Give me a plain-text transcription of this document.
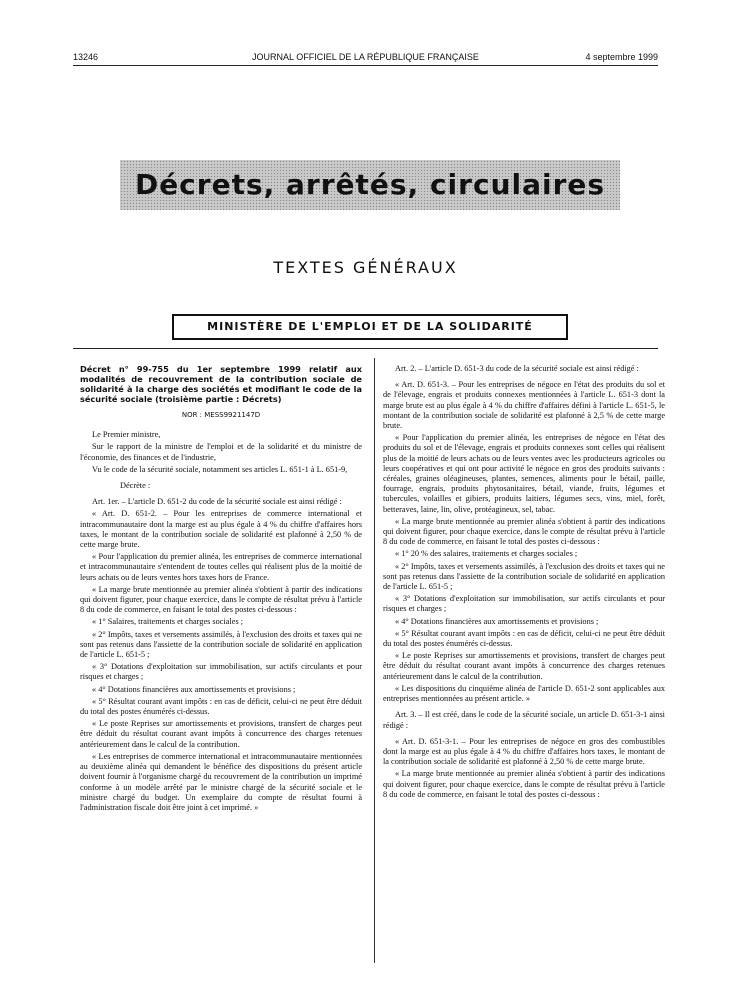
13246	JOURNAL OFFICIEL DE LA RÉPUBLIQUE FRANÇAISE	4 septembre 1999
Décrets, arrêtés, circulaires
TEXTES GÉNÉRAUX
MINISTÈRE DE L'EMPLOI ET DE LA SOLIDARITÉ

Décret n° 99-755 du 1er septembre 1999 relatif aux modalités de recouvrement de la contribution sociale de solidarité à la charge des sociétés et modifiant le code de la sécurité sociale (troisième partie : Décrets)

NOR : MESS9921147D

Le Premier ministre,

Sur le rapport de la ministre de l'emploi et de la solidarité et du ministre de l'économie, des finances et de l'industrie,

Vu le code de la sécurité sociale, notamment ses articles L. 651-1 à L. 651-9,

Décrète :

Art. 1er. – L'article D. 651-2 du code de la sécurité sociale est ainsi rédigé :

« Art. D. 651-2. – Pour les entreprises de commerce international et intracommunautaire dont la marge est au plus égale à 4 % du chiffre d'affaires hors taxes, le montant de la contribution sociale de solidarité est plafonné à 2,50 % de cette marge brute.

« Pour l'application du premier alinéa, les entreprises de commerce international et intracommunautaire s'entendent de toutes celles qui réalisent plus de la moitié de leurs achats ou de leurs ventes hors taxes hors de France.

« La marge brute mentionnée au premier alinéa s'obtient à partir des indications qui doivent figurer, pour chaque exercice, dans le compte de résultat prévu à l'article 8 du code de commerce, en faisant le total des postes ci-dessous :

« 1° Salaires, traitements et charges sociales ;

« 2° Impôts, taxes et versements assimilés, à l'exclusion des droits et taxes qui ne sont pas retenus dans l'assiette de la contribution sociale de solidarité en application de l'article L. 651-5 ;

« 3° Dotations d'exploitation sur immobilisation, sur actifs circulants et pour risques et charges ;

« 4° Dotations financières aux amortissements et provisions ;

« 5° Résultat courant avant impôts : en cas de déficit, celui-ci ne peut être déduit du total des postes énumérés ci-dessus.

« Le poste Reprises sur amortissements et provisions, transfert de charges peut être déduit du résultat courant avant impôts à concurrence des charges retenues antérieurement dans le calcul de la contribution.

« Les entreprises de commerce international et intracommunautaire mentionnées au deuxième alinéa qui demandent le bénéfice des dispositions du présent article doivent fournir à l'organisme chargé du recouvrement de la contribution un imprimé conforme à un modèle arrêté par le ministre chargé de la sécurité sociale et le ministre chargé du budget. Un exemplaire du compte de résultat fourni à l'administration fiscale doit être joint à cet imprimé. »

Art. 2. – L'article D. 651-3 du code de la sécurité sociale est ainsi rédigé :

« Art. D. 651-3. – Pour les entreprises de négoce en l'état des produits du sol et de l'élevage, engrais et produits connexes mentionnées à l'article L. 651-3 dont la marge brute est au plus égale à 4 % du chiffre d'affaires défini à l'article L. 651-5, le montant de la contribution sociale de solidarité est plafonné à 2,5 % de cette marge brute.

« Pour l'application du premier alinéa, les entreprises de négoce en l'état des produits du sol et de l'élevage, engrais et produits connexes sont celles qui réalisent plus de la moitié de leurs achats ou de leurs ventes avec les producteurs agricoles ou leurs coopératives et qui ont pour activité le négoce en gros des produits suivants : céréales, graines oléagineuses, plantes, semences, aliments pour le bétail, paille, fourrage, engrais, produits phytosanitaires, bétail, viande, fruits, légumes et tubercules, volailles et gibiers, produits laitiers, légumes secs, vins, miel, forêt, betteraves, laine, lin, olive, protéagineux, sel, tabac.

« La marge brute mentionnée au premier alinéa s'obtient à partir des indications qui doivent figurer, pour chaque exercice, dans le compte de résultat prévu à l'article 8 du code de commerce, en faisant le total des postes ci-dessous :

« 1° 20 % des salaires, traitements et charges sociales ;

« 2° Impôts, taxes et versements assimilés, à l'exclusion des droits et taxes qui ne sont pas retenus dans l'assiette de la contribution sociale de solidarité en application de l'article L. 651-5 ;

« 3° Dotations d'exploitation sur immobilisation, sur actifs circulants et pour risques et charges ;

« 4° Dotations financières aux amortissements et provisions ;

« 5° Résultat courant avant impôts : en cas de déficit, celui-ci ne peut être déduit du total des postes énumérés ci-dessus.

« Le poste Reprises sur amortissements et provisions, transfert de charges peut être déduit du résultat courant avant impôts à concurrence des charges retenues antérieurement dans le calcul de la contribution.

« Les dispositions du cinquième alinéa de l'article D. 651-2 sont applicables aux entreprises mentionnées au présent article. »

Art. 3. – Il est créé, dans le code de la sécurité sociale, un article D. 651-3-1 ainsi rédigé :

« Art. D. 651-3-1. – Pour les entreprises de négoce en gros des combustibles dont la marge est au plus égale à 4 % du chiffre d'affaires hors taxes, le montant de la contribution sociale de solidarité est plafonné à 2,50 % de cette marge brute.

« La marge brute mentionnée au premier alinéa s'obtient à partir des indications qui doivent figurer, pour chaque exercice, dans le compte de résultat prévu à l'article 8 du code de commerce, en faisant le total des postes ci-dessous :
